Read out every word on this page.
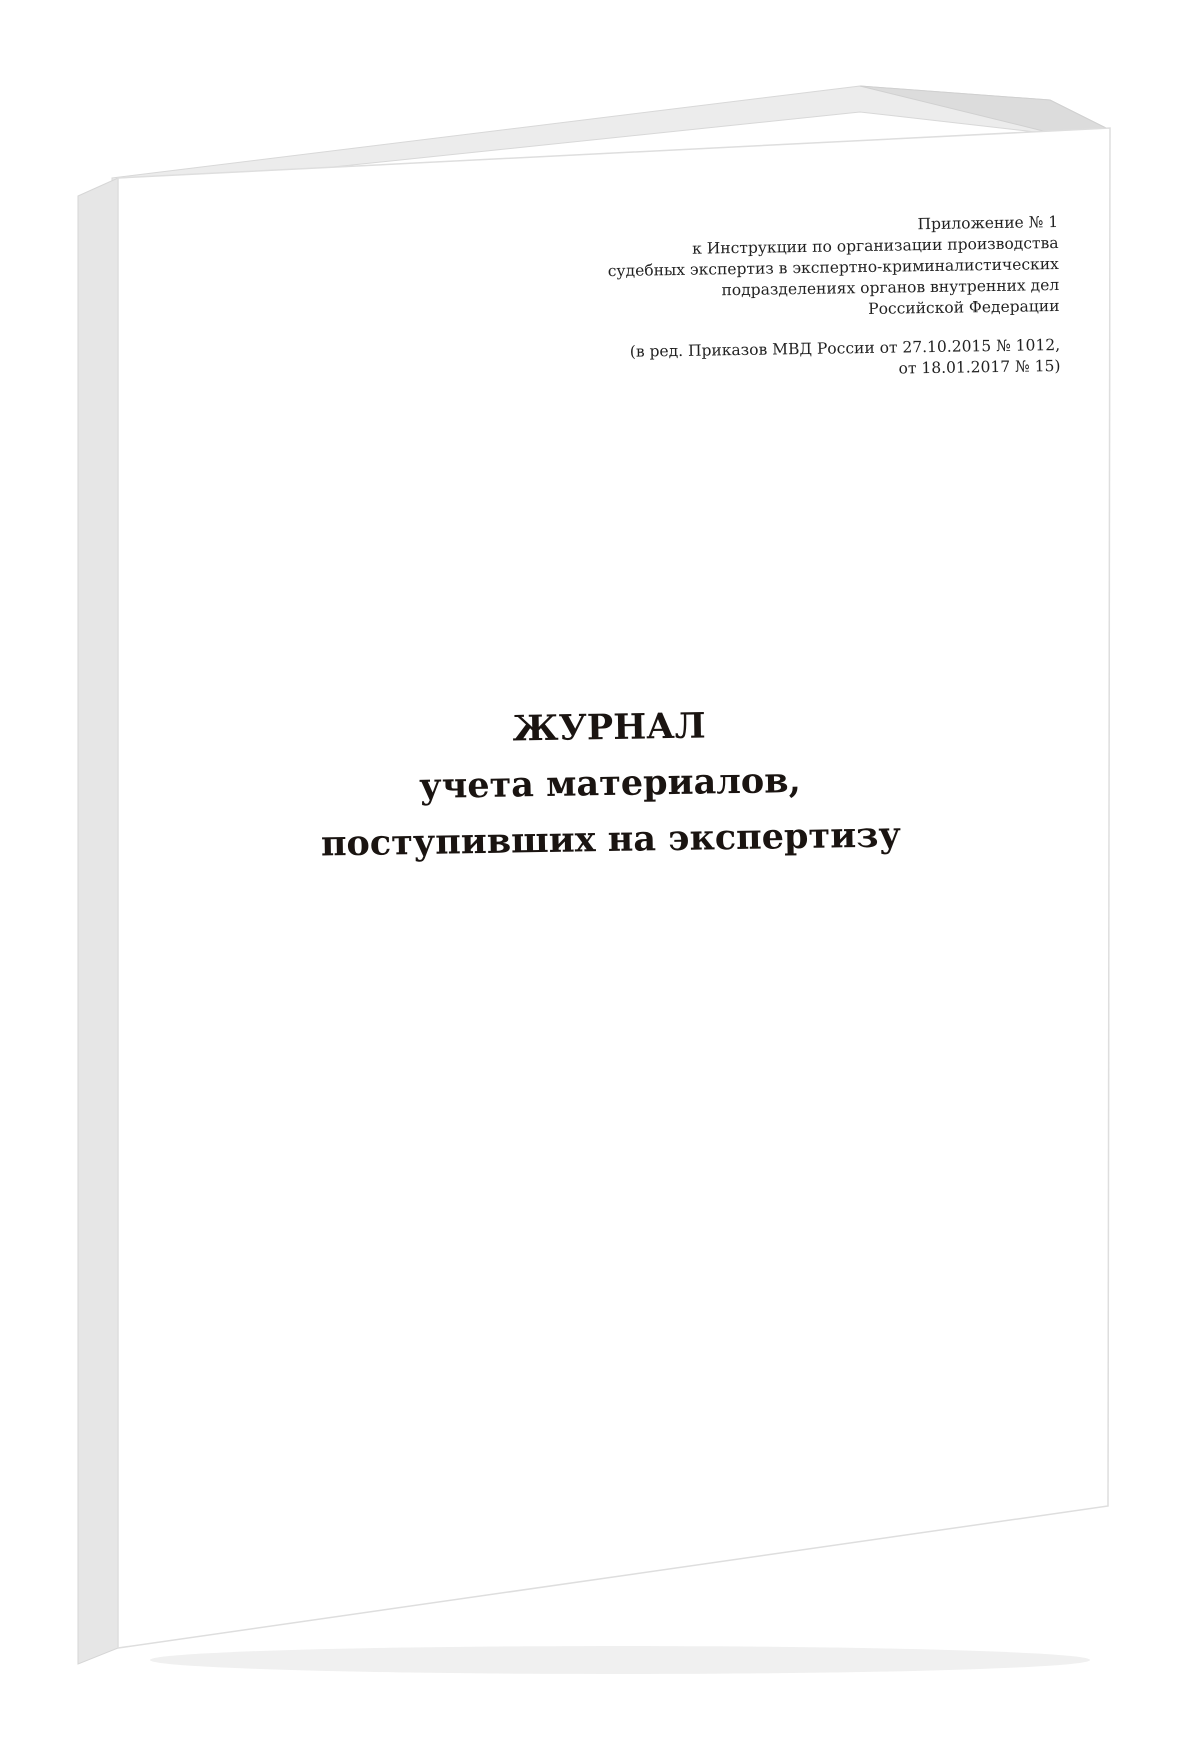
Приложение № 1
к Инструкции по организации производства
судебных экспертиз в экспертно-криминалистических
подразделениях органов внутренних дел
Российской Федерации
(в ред. Приказов МВД России от 27.10.2015 № 1012,
от 18.01.2017 № 15)
ЖУРНАЛ
учета материалов,
поступивших на экспертизу
